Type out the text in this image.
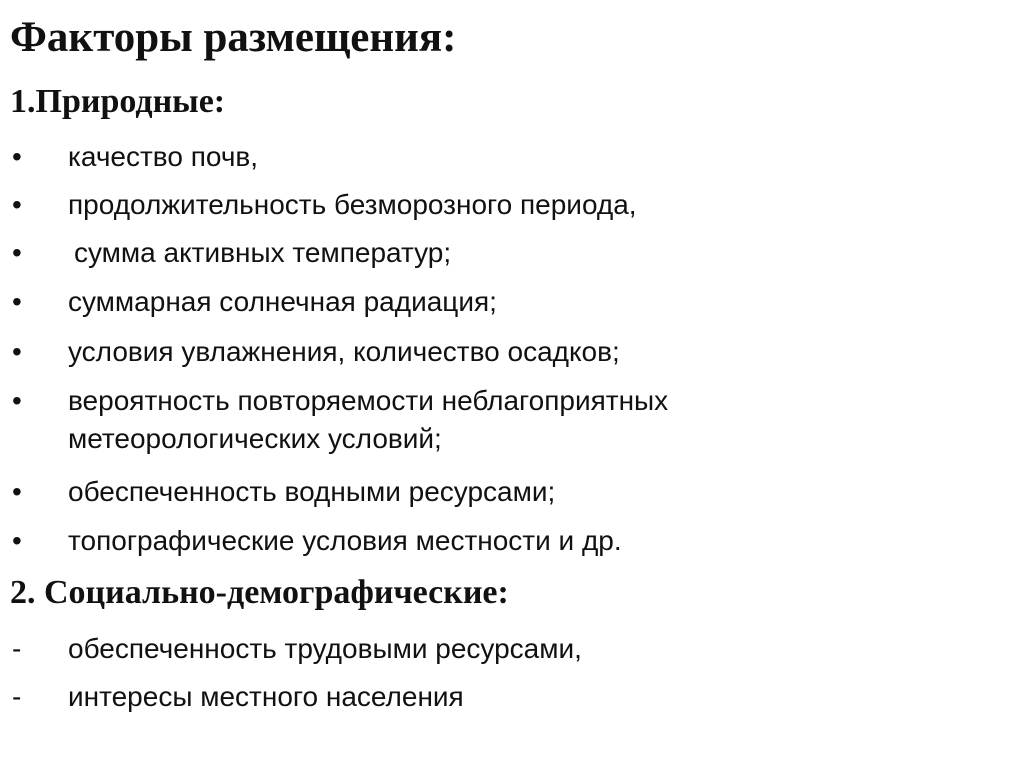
Факторы размещения:
1.Природные:
• качество почв,
• продолжительность безморозного периода,
• сумма активных температур;
• суммарная солнечная радиация;
• условия увлажнения, количество осадков;
• вероятность повторяемости неблагоприятных
метеорологических условий;
• обеспеченность водными ресурсами;
• топографические условия местности и др.
2. Социально-демографические:
- обеспеченность трудовыми ресурсами,
- интересы местного населения
